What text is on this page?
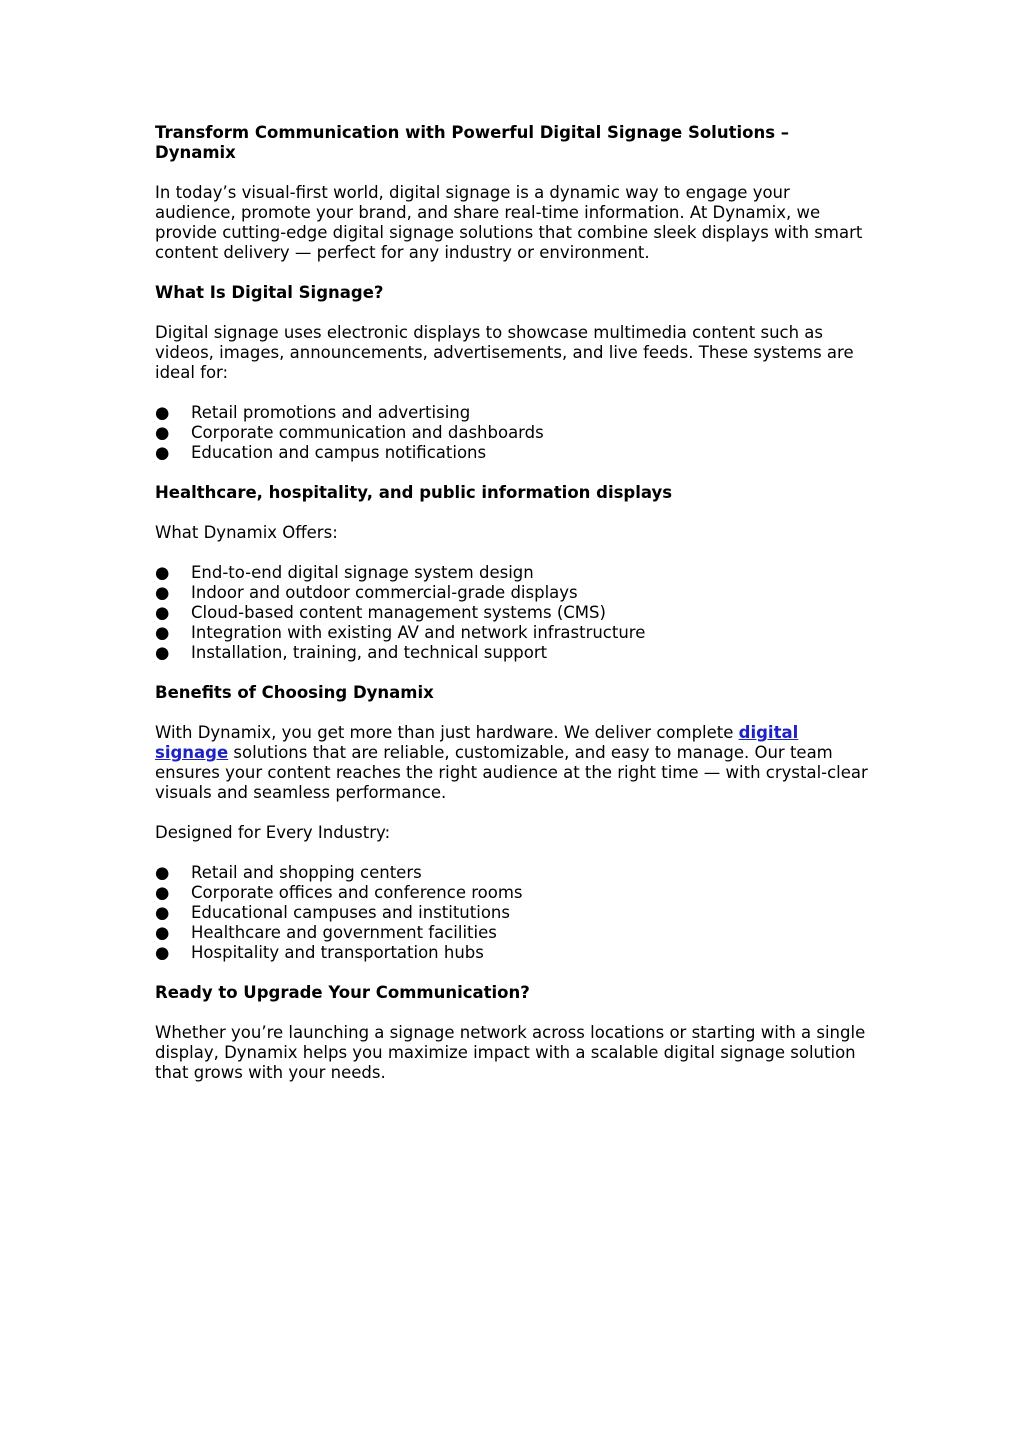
Transform Communication with Powerful Digital Signage Solutions – Dynamix
In today’s visual-first world, digital signage is a dynamic way to engage your audience, promote your brand, and share real-time information. At Dynamix, we provide cutting-edge digital signage solutions that combine sleek displays with smart content delivery — perfect for any industry or environment.
What Is Digital Signage?
Digital signage uses electronic displays to showcase multimedia content such as videos, images, announcements, advertisements, and live feeds. These systems are ideal for:
●	Retail promotions and advertising
●	Corporate communication and dashboards
●	Education and campus notifications
Healthcare, hospitality, and public information displays
What Dynamix Offers:
●	End-to-end digital signage system design
●	Indoor and outdoor commercial-grade displays
●	Cloud-based content management systems (CMS)
●	Integration with existing AV and network infrastructure
●	Installation, training, and technical support
Benefits of Choosing Dynamix
With Dynamix, you get more than just hardware. We deliver complete digital signage solutions that are reliable, customizable, and easy to manage. Our team ensures your content reaches the right audience at the right time — with crystal-clear visuals and seamless performance.
Designed for Every Industry:
●	Retail and shopping centers
●	Corporate offices and conference rooms
●	Educational campuses and institutions
●	Healthcare and government facilities
●	Hospitality and transportation hubs
Ready to Upgrade Your Communication?
Whether you’re launching a signage network across locations or starting with a single display, Dynamix helps you maximize impact with a scalable digital signage solution that grows with your needs.
